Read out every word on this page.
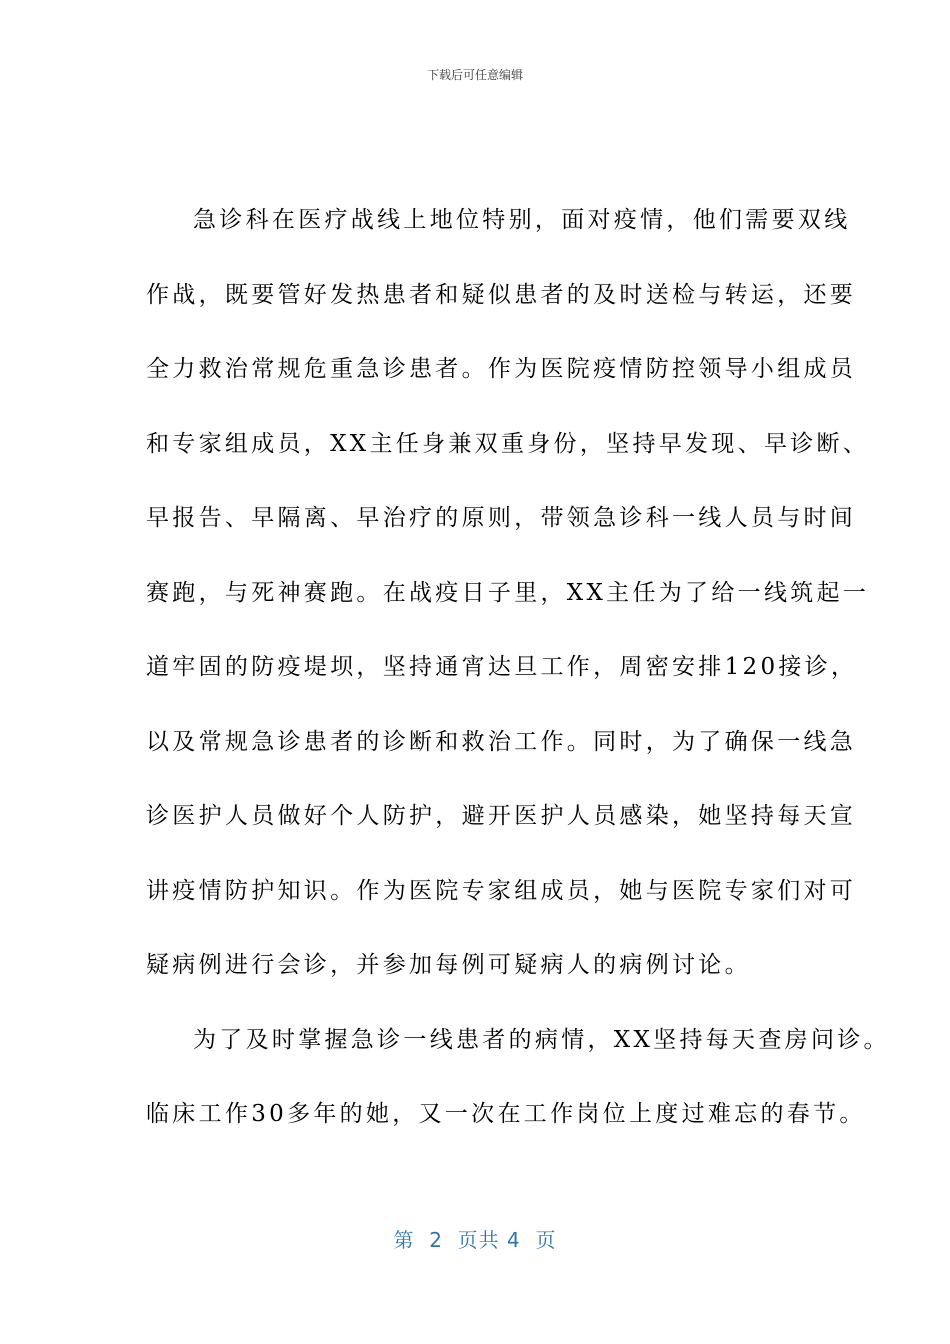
下载后可任意编辑
急诊科在医疗战线上地位特别，面对疫情，他们需要双线
作战，既要管好发热患者和疑似患者的及时送检与转运，还要
全力救治常规危重急诊患者。作为医院疫情防控领导小组成员
和专家组成员，XX主任身兼双重身份，坚持早发现、早诊断、
早报告、早隔离、早治疗的原则，带领急诊科一线人员与时间
赛跑，与死神赛跑。在战疫日子里，XX主任为了给一线筑起一
道牢固的防疫堤坝，坚持通宵达旦工作，周密安排120接诊，
以及常规急诊患者的诊断和救治工作。同时，为了确保一线急
诊医护人员做好个人防护，避开医护人员感染，她坚持每天宣
讲疫情防护知识。作为医院专家组成员，她与医院专家们对可
疑病例进行会诊，并参加每例可疑病人的病例讨论。
为了及时掌握急诊一线患者的病情，XX坚持每天查房问诊。
临床工作30多年的她，又一次在工作岗位上度过难忘的春节。
第  2  页共 4  页
